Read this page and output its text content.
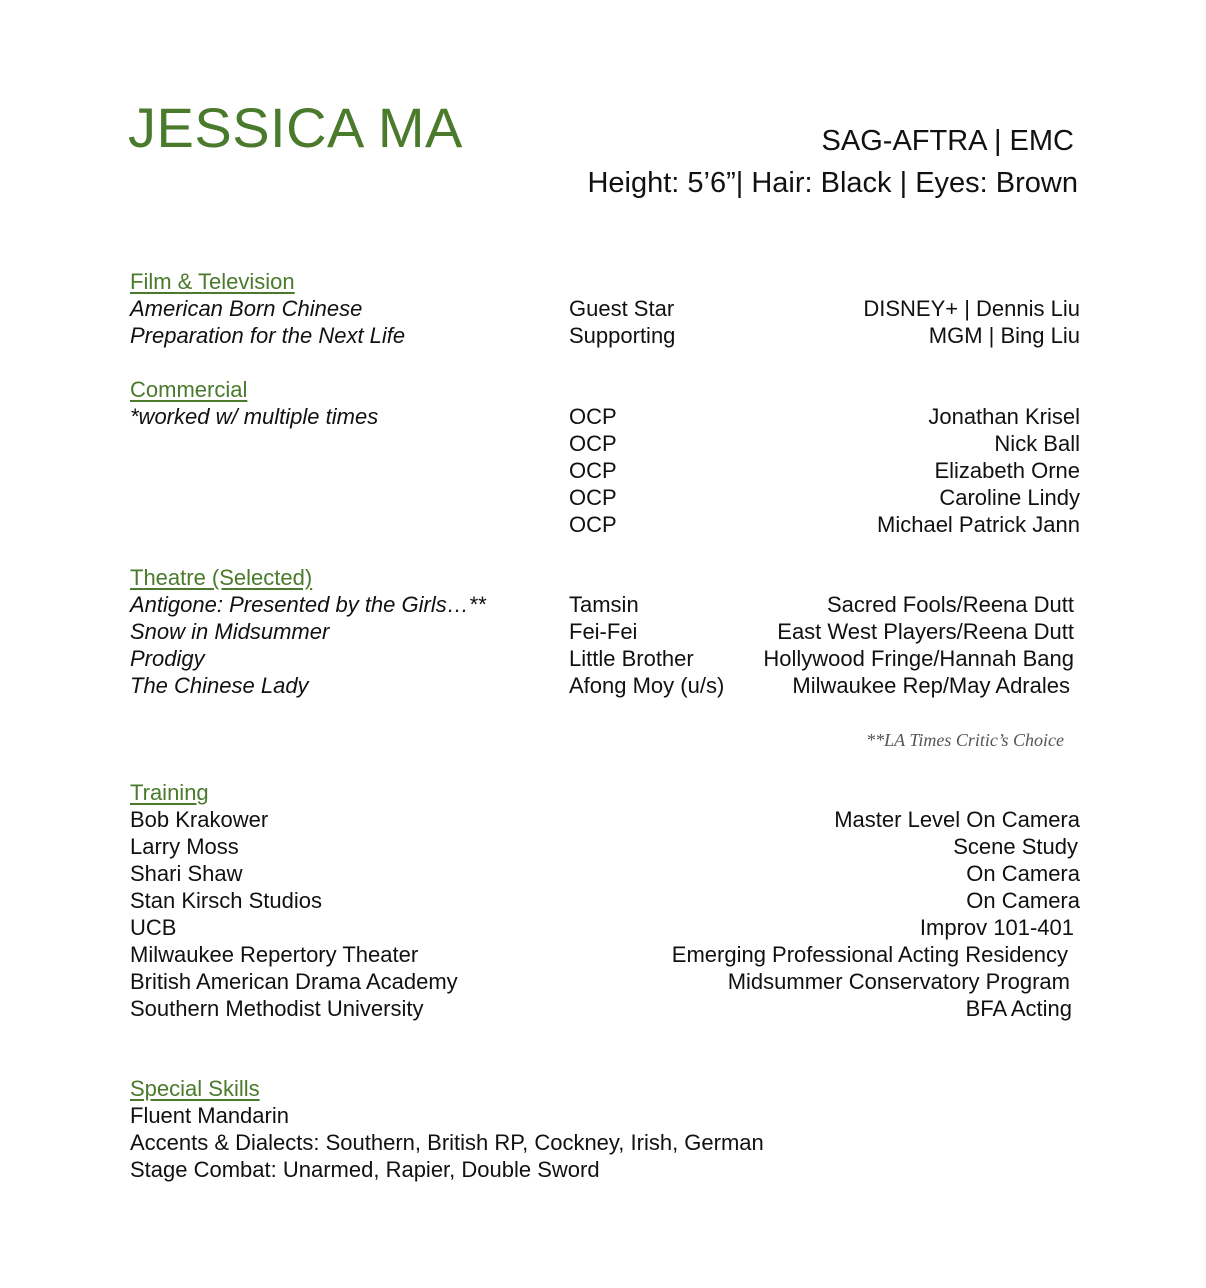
JESSICA MA	SAG-AFTRA | EMC
Height: 5’6”| Hair: Black | Eyes: Brown
Film & Television
American Born Chinese	Guest Star	DISNEY+ | Dennis Liu
Preparation for the Next Life	Supporting	MGM | Bing Liu
Commercial
*worked w/ multiple times	OCP	Jonathan Krisel
OCP	Nick Ball
OCP	Elizabeth Orne
OCP	Caroline Lindy
OCP	Michael Patrick Jann
Theatre (Selected)
Antigone: Presented by the Girls…**	Tamsin	Sacred Fools/Reena Dutt
Snow in Midsummer	Fei-Fei	East West Players/Reena Dutt
Prodigy	Little Brother	Hollywood Fringe/Hannah Bang
The Chinese Lady	Afong Moy (u/s)	Milwaukee Rep/May Adrales
**LA Times Critic’s Choice
Training
Bob Krakower	Master Level On Camera
Larry Moss	Scene Study
Shari Shaw	On Camera
Stan Kirsch Studios	On Camera
UCB	Improv 101-401
Milwaukee Repertory Theater	Emerging Professional Acting Residency
British American Drama Academy	Midsummer Conservatory Program
Southern Methodist University	BFA Acting
Special Skills
Fluent Mandarin
Accents & Dialects: Southern, British RP, Cockney, Irish, German
Stage Combat: Unarmed, Rapier, Double Sword
